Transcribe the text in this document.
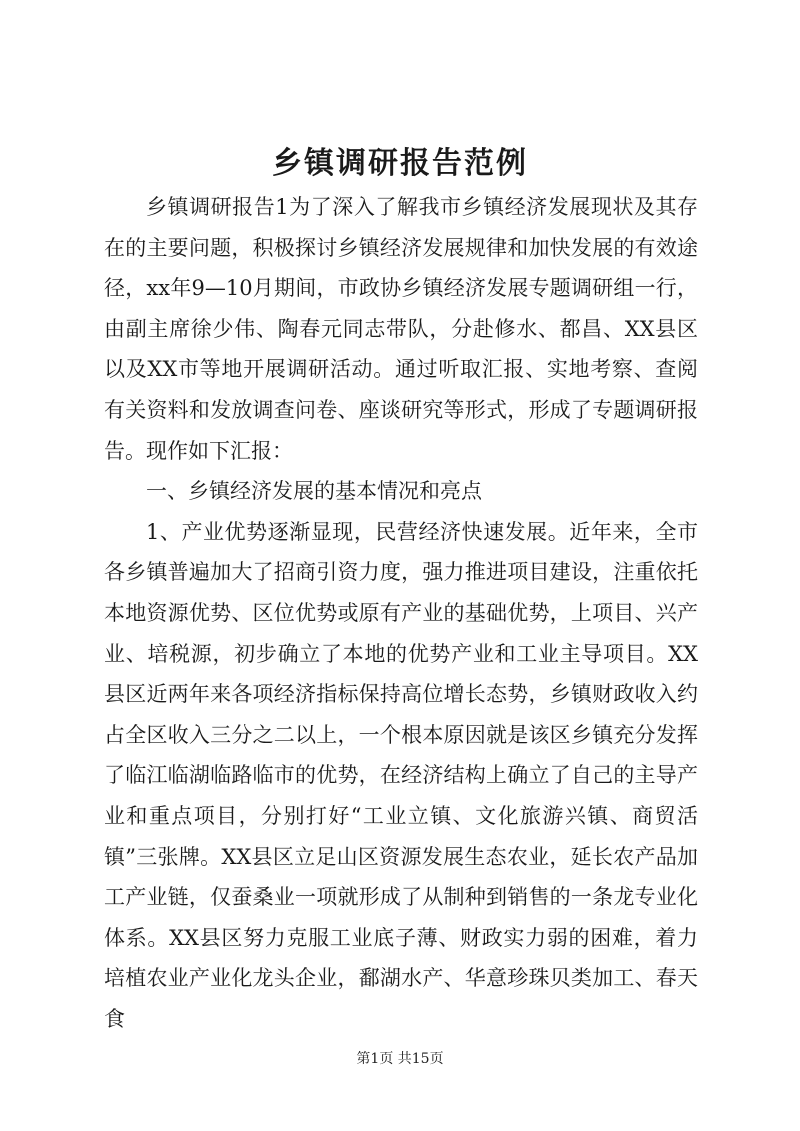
乡镇调研报告范例

乡镇调研报告1为了深入了解我市乡镇经济发展现状及其存在的主要问题，积极探讨乡镇经济发展规律和加快发展的有效途径，xx年9—10月期间，市政协乡镇经济发展专题调研组一行，由副主席徐少伟、陶春元同志带队，分赴修水、都昌、XX县区以及XX市等地开展调研活动。通过听取汇报、实地考察、查阅有关资料和发放调查问卷、座谈研究等形式，形成了专题调研报告。现作如下汇报：

一、乡镇经济发展的基本情况和亮点

1、产业优势逐渐显现，民营经济快速发展。近年来，全市各乡镇普遍加大了招商引资力度，强力推进项目建设，注重依托本地资源优势、区位优势或原有产业的基础优势，上项目、兴产业、培税源，初步确立了本地的优势产业和工业主导项目。XX县区近两年来各项经济指标保持高位增长态势，乡镇财政收入约占全区收入三分之二以上，一个根本原因就是该区乡镇充分发挥了临江临湖临路临市的优势，在经济结构上确立了自己的主导产业和重点项目，分别打好“工业立镇、文化旅游兴镇、商贸活镇”三张牌。XX县区立足山区资源发展生态农业，延长农产品加工产业链，仅蚕桑业一项就形成了从制种到销售的一条龙专业化体系。XX县区努力克服工业底子薄、财政实力弱的困难，着力培植农业产业化龙头企业，鄱湖水产、华意珍珠贝类加工、春天食

第1页 共15页
